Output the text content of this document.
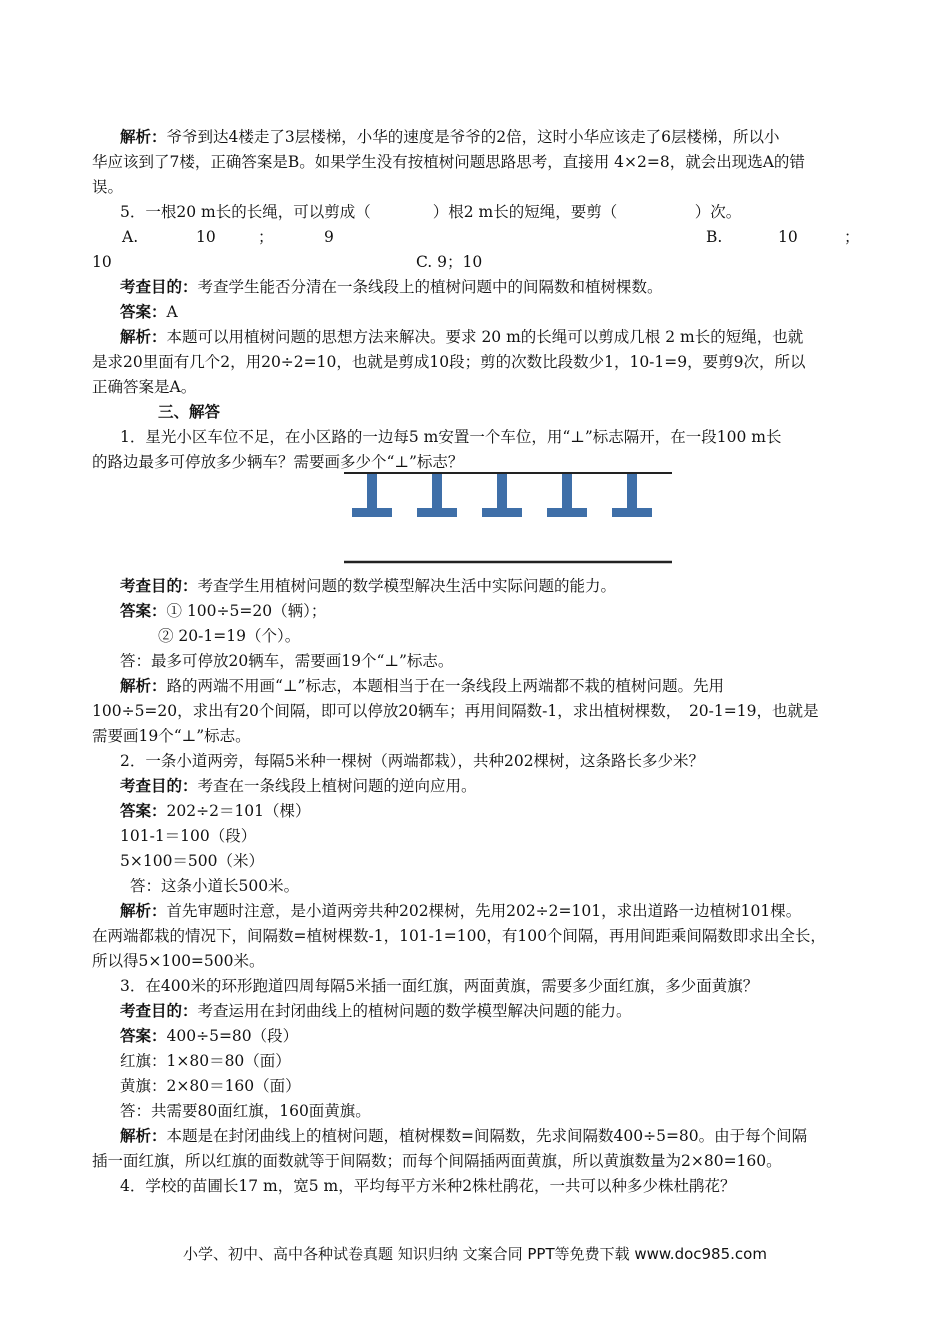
解析：爷爷到达4楼走了3层楼梯，小华的速度是爷爷的2倍，这时小华应该走了6层楼梯，所以小
华应该到了7楼，正确答案是B。如果学生没有按植树问题思路思考，直接用 4×2=8，就会出现选A的错
误。
5．一根20 m长的长绳，可以剪成（　　　　）根2 m长的短绳，要剪（　　　　　）次。
A.	10	；	9	B.	10	；
10	C. 9；10
考查目的：考查学生能否分清在一条线段上的植树问题中的间隔数和植树棵数。
答案：A
解析：本题可以用植树问题的思想方法来解决。要求 20 m的长绳可以剪成几根 2 m长的短绳，也就
是求20里面有几个2，用20÷2=10，也就是剪成10段；剪的次数比段数少1，10-1=9，要剪9次，所以
正确答案是A。
三、解答
1．星光小区车位不足，在小区路的一边每5 m安置一个车位，用“⊥”标志隔开，在一段100 m长
的路边最多可停放多少辆车？需要画多少个“⊥”标志？
考查目的：考查学生用植树问题的数学模型解决生活中实际问题的能力。
答案：① 100÷5=20（辆）；
② 20-1=19（个）。
答：最多可停放20辆车，需要画19个“⊥”标志。
解析：路的两端不用画“⊥”标志，本题相当于在一条线段上两端都不栽的植树问题。先用
100÷5=20，求出有20个间隔，即可以停放20辆车；再用间隔数-1，求出植树棵数，　20-1=19，也就是
需要画19个“⊥”标志。
2．一条小道两旁，每隔5米种一棵树（两端都栽），共种202棵树，这条路长多少米？
考查目的：考查在一条线段上植树问题的逆向应用。
答案：202÷2＝101（棵）
101-1＝100（段）
5×100＝500（米）
答：这条小道长500米。
解析：首先审题时注意，是小道两旁共种202棵树，先用202÷2=101，求出道路一边植树101棵。
在两端都栽的情况下，间隔数=植树棵数-1，101-1=100，有100个间隔，再用间距乘间隔数即求出全长，
所以得5×100=500米。
3．在400米的环形跑道四周每隔5米插一面红旗，两面黄旗，需要多少面红旗，多少面黄旗？
考查目的：考查运用在封闭曲线上的植树问题的数学模型解决问题的能力。
答案：400÷5=80（段）
红旗：1×80＝80（面）
黄旗：2×80＝160（面）
答：共需要80面红旗，160面黄旗。
解析：本题是在封闭曲线上的植树问题，植树棵数=间隔数，先求间隔数400÷5=80。由于每个间隔
插一面红旗，所以红旗的面数就等于间隔数；而每个间隔插两面黄旗，所以黄旗数量为2×80=160。
4．学校的苗圃长17 m，宽5 m，平均每平方米种2株杜鹃花，一共可以种多少株杜鹃花？
小学、初中、高中各种试卷真题 知识归纳 文案合同 PPT等免费下载 www.doc985.com
